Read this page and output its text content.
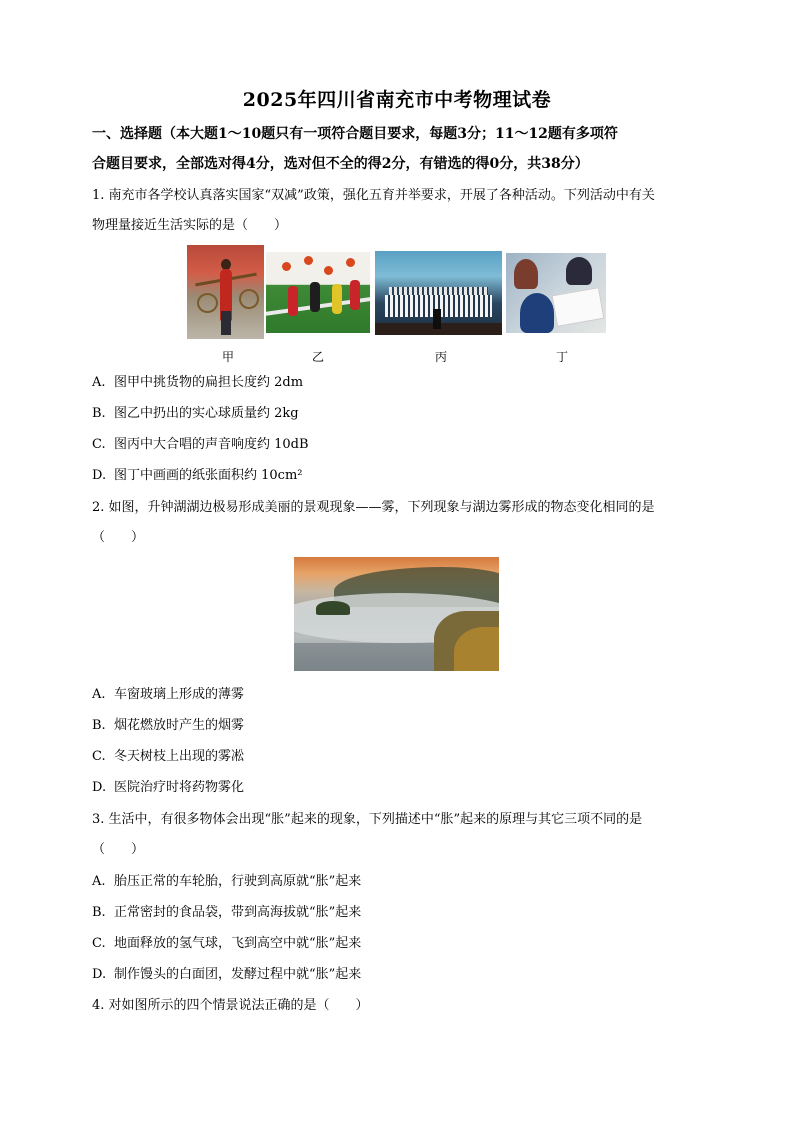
2025年四川省南充市中考物理试卷
一、选择题（本大题1～10题只有一项符合题目要求，每题3分；11～12题有多项符
合题目要求，全部选对得4分，选对但不全的得2分，有错选的得0分，共38分）
1. 南充市各学校认真落实国家“双减”政策，强化五育并举要求，开展了各种活动。下列活动中有关
物理量接近生活实际的是（　　）
甲	乙	丙	丁
A. 图甲中挑货物的扁担长度约 2dm
B. 图乙中扔出的实心球质量约 2kg
C. 图丙中大合唱的声音响度约 10dB
D. 图丁中画画的纸张面积约 10cm²
2. 如图，升钟湖湖边极易形成美丽的景观现象——雾，下列现象与湖边雾形成的物态变化相同的是
（　　）
A. 车窗玻璃上形成的薄雾
B. 烟花燃放时产生的烟雾
C. 冬天树枝上出现的雾凇
D. 医院治疗时将药物雾化
3. 生活中，有很多物体会出现“胀”起来的现象，下列描述中“胀”起来的原理与其它三项不同的是
（　　）
A. 胎压正常的车轮胎，行驶到高原就“胀”起来
B. 正常密封的食品袋，带到高海拔就“胀”起来
C. 地面释放的氢气球，飞到高空中就“胀”起来
D. 制作馒头的白面团，发酵过程中就“胀”起来
4. 对如图所示的四个情景说法正确的是（　　）
